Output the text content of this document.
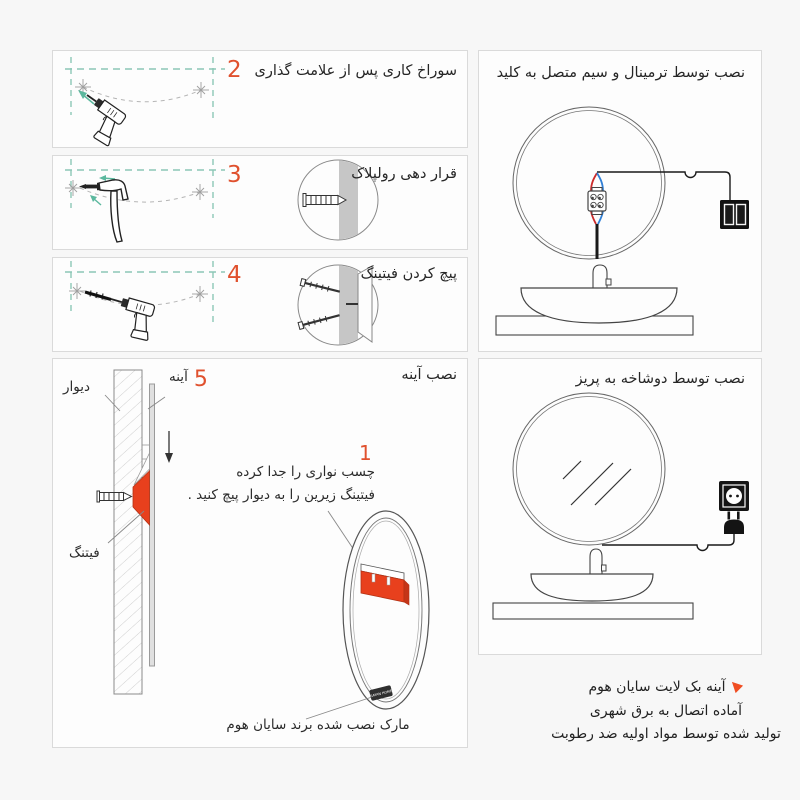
2 سوراخ کاری پس از علامت گذاری
3	قرار دهی رولپلاک
4	پیچ کردن فیتینگ
SAYAN HOME
نصب آینه
دیوار	5
آینه
فیتنگ
1
چسب نواری را جدا کرده
فیتینگ زیرین را به دیوار پیچ کنید .
مارک نصب شده برند سایان هوم
نصب توسط ترمینال و سیم متصل به کلید
نصب توسط دوشاخه به پریز
آینه بک لایت سایان هوم
آماده اتصال به برق شهری
تولید شده توسط مواد اولیه ضد رطوبت
